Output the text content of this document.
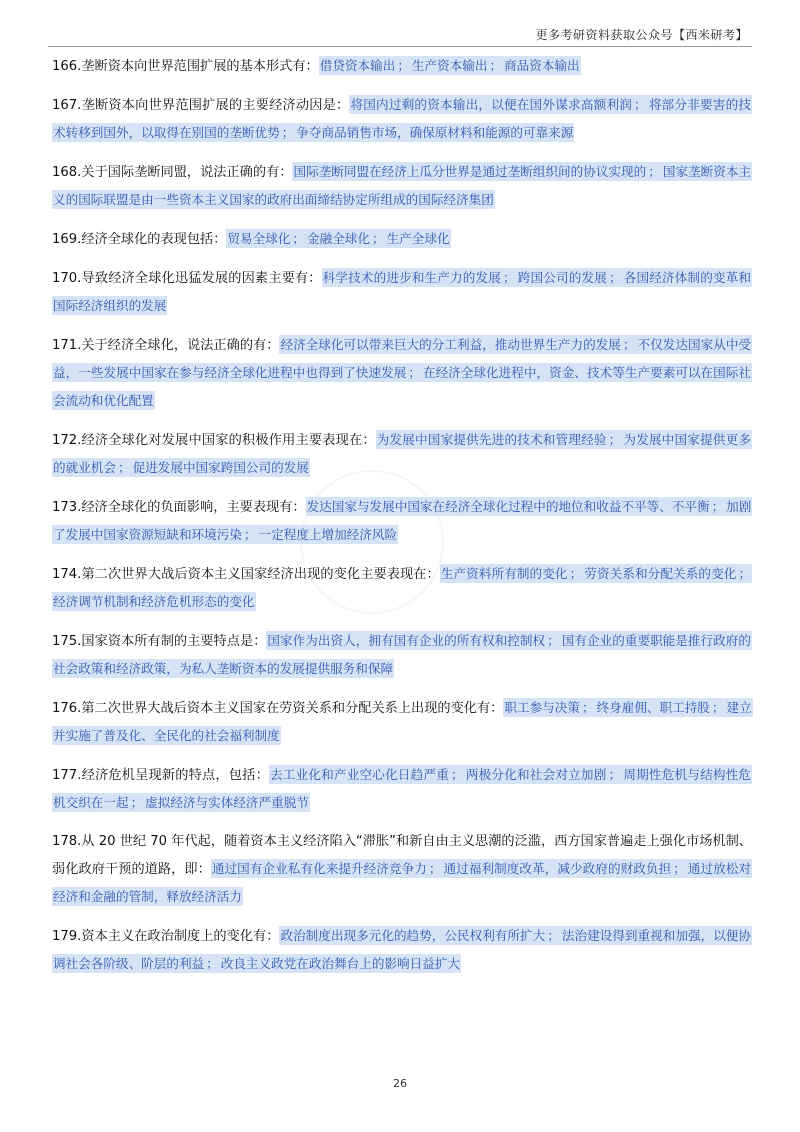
更多考研资料获取公众号【西米研考】

166.垄断资本向世界范围扩展的基本形式有：借贷资本输出 ； 生产资本输出 ； 商品资本输出

167.垄断资本向世界范围扩展的主要经济动因是：将国内过剩的资本输出，以便在国外谋求高额利润 ； 将部分非要害的技术转移到国外，以取得在别国的垄断优势 ； 争夺商品销售市场，确保原材料和能源的可靠来源

168.关于国际垄断同盟，说法正确的有：国际垄断同盟在经济上瓜分世界是通过垄断组织间的协议实现的 ； 国家垄断资本主义的国际联盟是由一些资本主义国家的政府出面缔结协定所组成的国际经济集团

169.经济全球化的表现包括：贸易全球化 ； 金融全球化 ； 生产全球化

170.导致经济全球化迅猛发展的因素主要有：科学技术的进步和生产力的发展 ； 跨国公司的发展 ； 各国经济体制的变革和国际经济组织的发展

171.关于经济全球化，说法正确的有：经济全球化可以带来巨大的分工利益，推动世界生产力的发展 ； 不仅发达国家从中受益，一些发展中国家在参与经济全球化进程中也得到了快速发展 ； 在经济全球化进程中，资金、技术等生产要素可以在国际社会流动和优化配置

172.经济全球化对发展中国家的积极作用主要表现在：为发展中国家提供先进的技术和管理经验 ； 为发展中国家提供更多的就业机会 ； 促进发展中国家跨国公司的发展

173.经济全球化的负面影响，主要表现有：发达国家与发展中国家在经济全球化过程中的地位和收益不平等、不平衡 ； 加剧了发展中国家资源短缺和环境污染 ； 一定程度上增加经济风险

174.第二次世界大战后资本主义国家经济出现的变化主要表现在：生产资料所有制的变化 ； 劳资关系和分配关系的变化 ；经济调节机制和经济危机形态的变化

175.国家资本所有制的主要特点是：国家作为出资人，拥有国有企业的所有权和控制权 ； 国有企业的重要职能是推行政府的社会政策和经济政策，为私人垄断资本的发展提供服务和保障

176.第二次世界大战后资本主义国家在劳资关系和分配关系上出现的变化有：职工参与决策 ； 终身雇佣、职工持股 ； 建立并实施了普及化、全民化的社会福利制度

177.经济危机呈现新的特点，包括：去工业化和产业空心化日趋严重 ； 两极分化和社会对立加剧 ； 周期性危机与结构性危机交织在一起 ； 虚拟经济与实体经济严重脱节

178.从 20 世纪 70 年代起，随着资本主义经济陷入“滞胀”和新自由主义思潮的泛滥，西方国家普遍走上强化市场机制、弱化政府干预的道路，即：通过国有企业私有化来提升经济竞争力 ； 通过福利制度改革，减少政府的财政负担 ； 通过放松对经济和金融的管制，释放经济活力

179.资本主义在政治制度上的变化有：政治制度出现多元化的趋势，公民权利有所扩大 ； 法治建设得到重视和加强，以便协调社会各阶级、阶层的利益 ； 改良主义政党在政治舞台上的影响日益扩大

26
